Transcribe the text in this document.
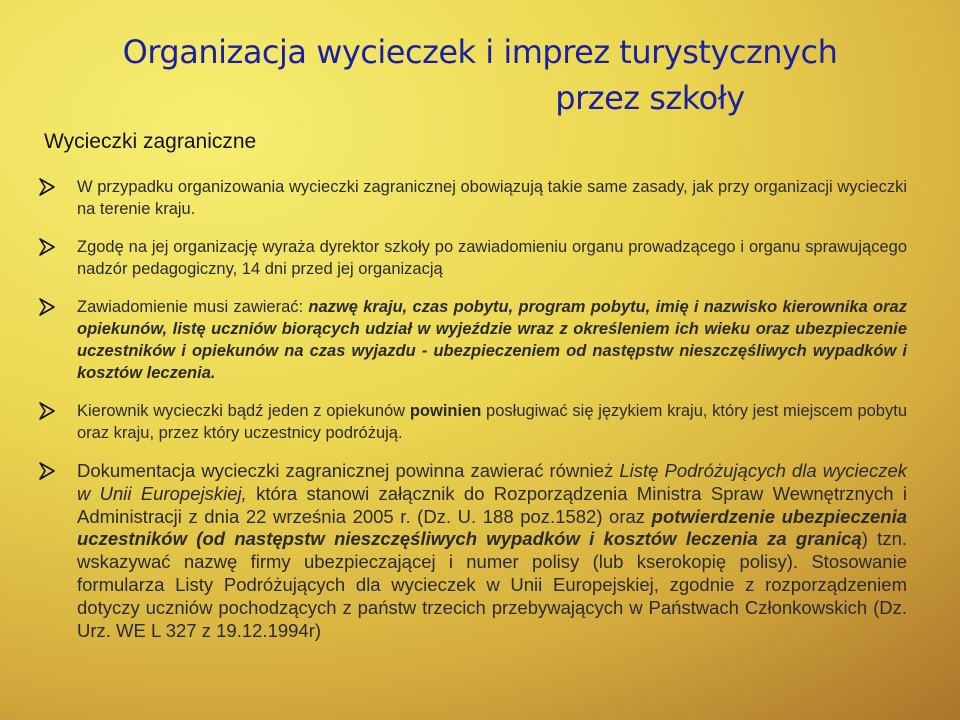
Organizacja wycieczek i imprez turystycznych
przez szkoły
Wycieczki zagraniczne
W przypadku organizowania wycieczki zagranicznej obowiązują takie same zasady, jak przy organizacji wycieczki na terenie kraju.
Zgodę na jej organizację wyraża dyrektor szkoły po zawiadomieniu organu prowadzącego i organu sprawującego nadzór pedagogiczny, 14 dni przed jej organizacją
Zawiadomienie musi zawierać: nazwę kraju, czas pobytu, program pobytu, imię i nazwisko kierownika oraz opiekunów, listę uczniów biorących udział w wyjeździe wraz z określeniem ich wieku oraz ubezpieczenie uczestników i opiekunów na czas wyjazdu - ubezpieczeniem od następstw nieszczęśliwych wypadków i kosztów leczenia.
Kierownik wycieczki bądź jeden z opiekunów powinien posługiwać się językiem kraju, który jest miejscem pobytu oraz kraju, przez który uczestnicy podróżują.
Dokumentacja wycieczki zagranicznej powinna zawierać również Listę Podróżujących dla wycieczek w Unii Europejskiej, która stanowi załącznik do Rozporządzenia Ministra Spraw Wewnętrznych i Administracji z dnia 22 września 2005 r. (Dz. U. 188 poz.1582) oraz potwierdzenie ubezpieczenia uczestników (od następstw nieszczęśliwych wypadków i kosztów leczenia za granicą) tzn. wskazywać nazwę firmy ubezpieczającej i numer polisy (lub kserokopię polisy). Stosowanie formularza Listy Podróżujących dla wycieczek w Unii Europejskiej, zgodnie z rozporządzeniem dotyczy uczniów pochodzących z państw trzecich przebywających w Państwach Członkowskich (Dz. Urz. WE L 327 z 19.12.1994r)
